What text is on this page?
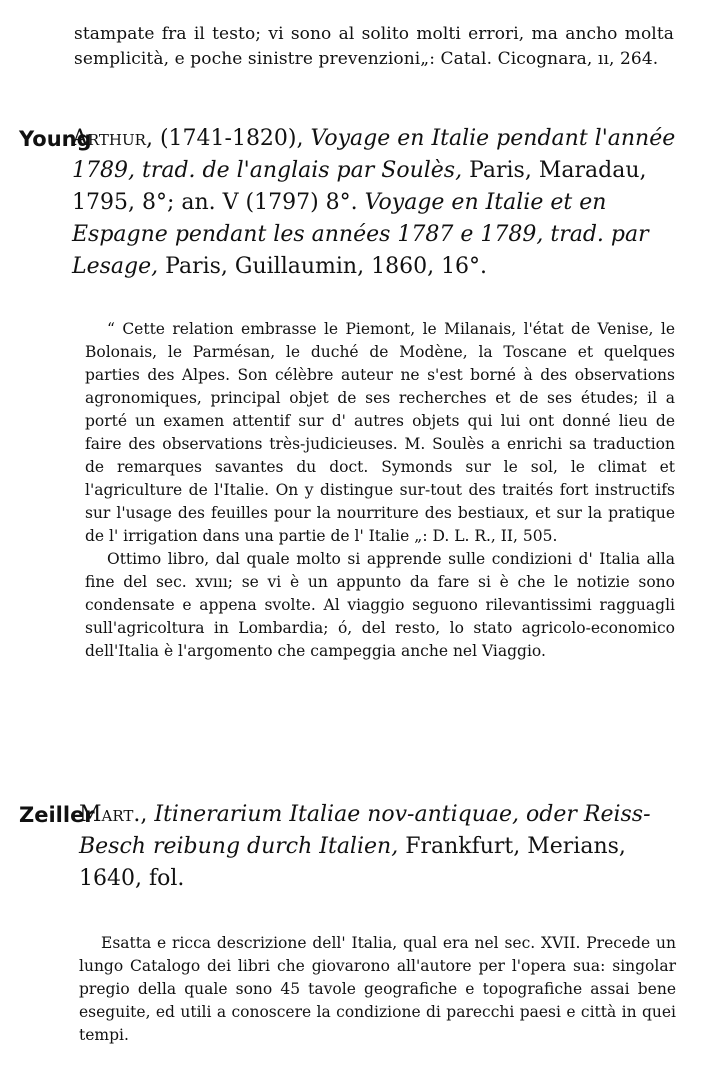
stampate fra il testo; vi sono al solito molti errori, ma ancho molta semplicità, e poche sinistre prevenzioni„: Catal. Cicognara, ıı, 264.

Young

Arthur, (1741-1820), Voyage en Italie pendant l'année 1789, trad. de l'anglais par Soulès, Paris, Maradau, 1795, 8°; an. V (1797) 8°. Voyage en Italie et en Espagne pendant les années 1787 e 1789, trad. par Lesage, Paris, Guillaumin, 1860, 16°.

“ Cette relation embrasse le Piemont, le Milanais, l'état de Venise, le Bolonais, le Parmésan, le duché de Modène, la Toscane et quelques parties des Alpes. Son célèbre auteur ne s'est borné à des observations agronomiques, principal objet de ses recherches et de ses études; il a porté un examen attentif sur d' autres objets qui lui ont donné lieu de faire des observations très-judicieuses. M. Soulès a enrichi sa traduction de remarques savantes du doct. Symonds sur le sol, le climat et l'agriculture de l'Italie. On y distingue sur-tout des traités fort instructifs sur l'usage des feuilles pour la nourriture des bestiaux, et sur la pratique de l' irrigation dans una partie de l' Italie „: D. L. R., II, 505.

Ottimo libro, dal quale molto si apprende sulle condizioni d' Italia alla fine del sec. xvııı; se vi è un appunto da fare si è che le notizie sono condensate e appena svolte. Al viaggio seguono rilevantissimi ragguagli sull'agricoltura in Lombardia; ó, del resto, lo stato agricolo-economico dell'Italia è l'argomento che campeggia anche nel Viaggio.

Zeiller

Mart., Itinerarium Italiae nov-antiquae, oder Reiss-Besch reibung durch Italien, Frankfurt, Merians, 1640, fol.

Esatta e ricca descrizione dell' Italia, qual era nel sec. XVII. Precede un lungo Catalogo dei libri che giovarono all'autore per l'opera sua: singolar pregio della quale sono 45 tavole geografiche e topografiche assai bene eseguite, ed utili a conoscere la condizione di parecchi paesi e città in quei tempi.
